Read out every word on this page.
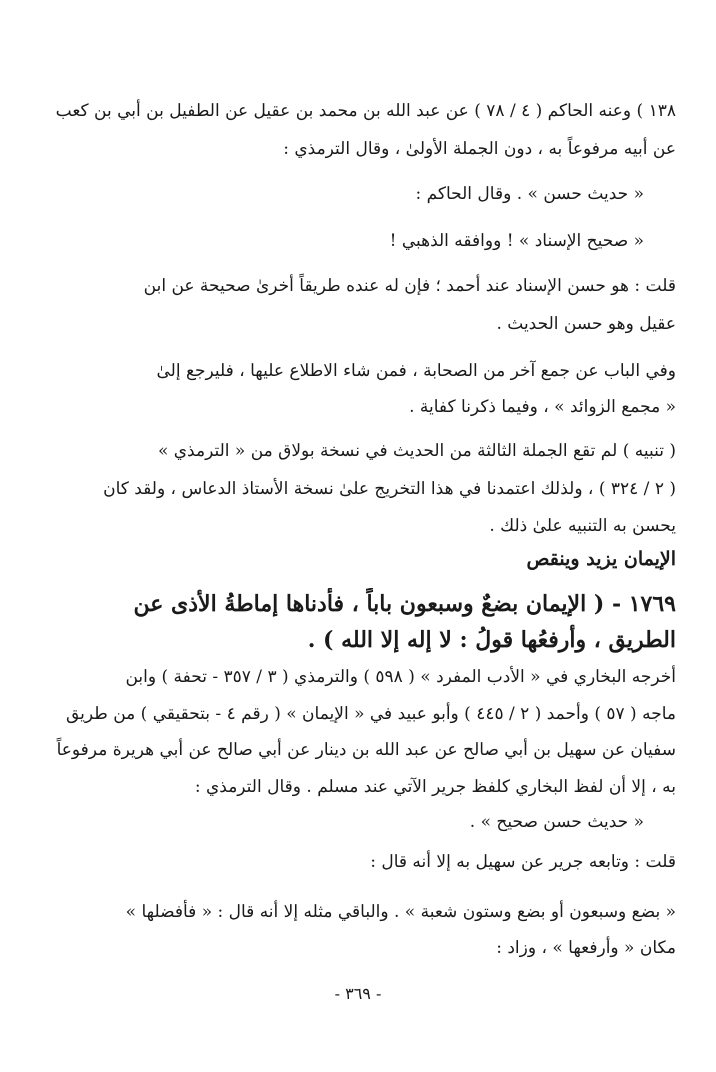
١٣٨ ) وعنه الحاكم ( ٤ / ٧٨ ) عن عبد الله بن محمد بن عقيل عن الطفيل بن أبي بن كعب
عن أبيه مرفوعاً به ، دون الجملة الأولىٰ ، وقال الترمذي :
« حديث حسن » . وقال الحاكم :
« صحيح الإسناد » ! ووافقه الذهبي !
قلت : هو حسن الإسناد عند أحمد ؛ فإن له عنده طريقاً أخرىٰ صحيحة عن ابن
عقيل وهو حسن الحديث .
وفي الباب عن جمع آخر من الصحابة ، فمن شاء الاطلاع عليها ، فليرجع إلىٰ
« مجمع الزوائد » ، وفيما ذكرنا كفاية .
( تنبيه ) لم تقع الجملة الثالثة من الحديث في نسخة بولاق من « الترمذي »
( ٢ / ٣٢٤ ) ، ولذلك اعتمدنا في هذا التخريج علىٰ نسخة الأستاذ الدعاس ، ولقد كان
يحسن به التنبيه علىٰ ذلك .
الإيمان يزيد وينقص
١٧٦٩ - ( الإيمان بضعٌ وسبعون باباً ، فأدناها إماطةُ الأذى عن
الطريق ، وأرفعُها قولُ : لا إله إلا الله ) .
أخرجه البخاري في « الأدب المفرد » ( ٥٩٨ ) والترمذي ( ٣ / ٣٥٧ - تحفة ) وابن
ماجه ( ٥٧ ) وأحمد ( ٢ / ٤٤٥ ) وأبو عبيد في « الإيمان » ( رقم ٤ - بتحقيقي ) من طريق
سفيان عن سهيل بن أبي صالح عن عبد الله بن دينار عن أبي صالح عن أبي هريرة مرفوعاً
به ، إلا أن لفظ البخاري كلفظ جرير الآتي عند مسلم . وقال الترمذي :
« حديث حسن صحيح » .
قلت : وتابعه جرير عن سهيل به إلا أنه قال :
« بضع وسبعون أو بضع وستون شعبة » . والباقي مثله إلا أنه قال : « فأفضلها »
مكان « وأرفعها » ، وزاد :
- ٣٦٩ -
